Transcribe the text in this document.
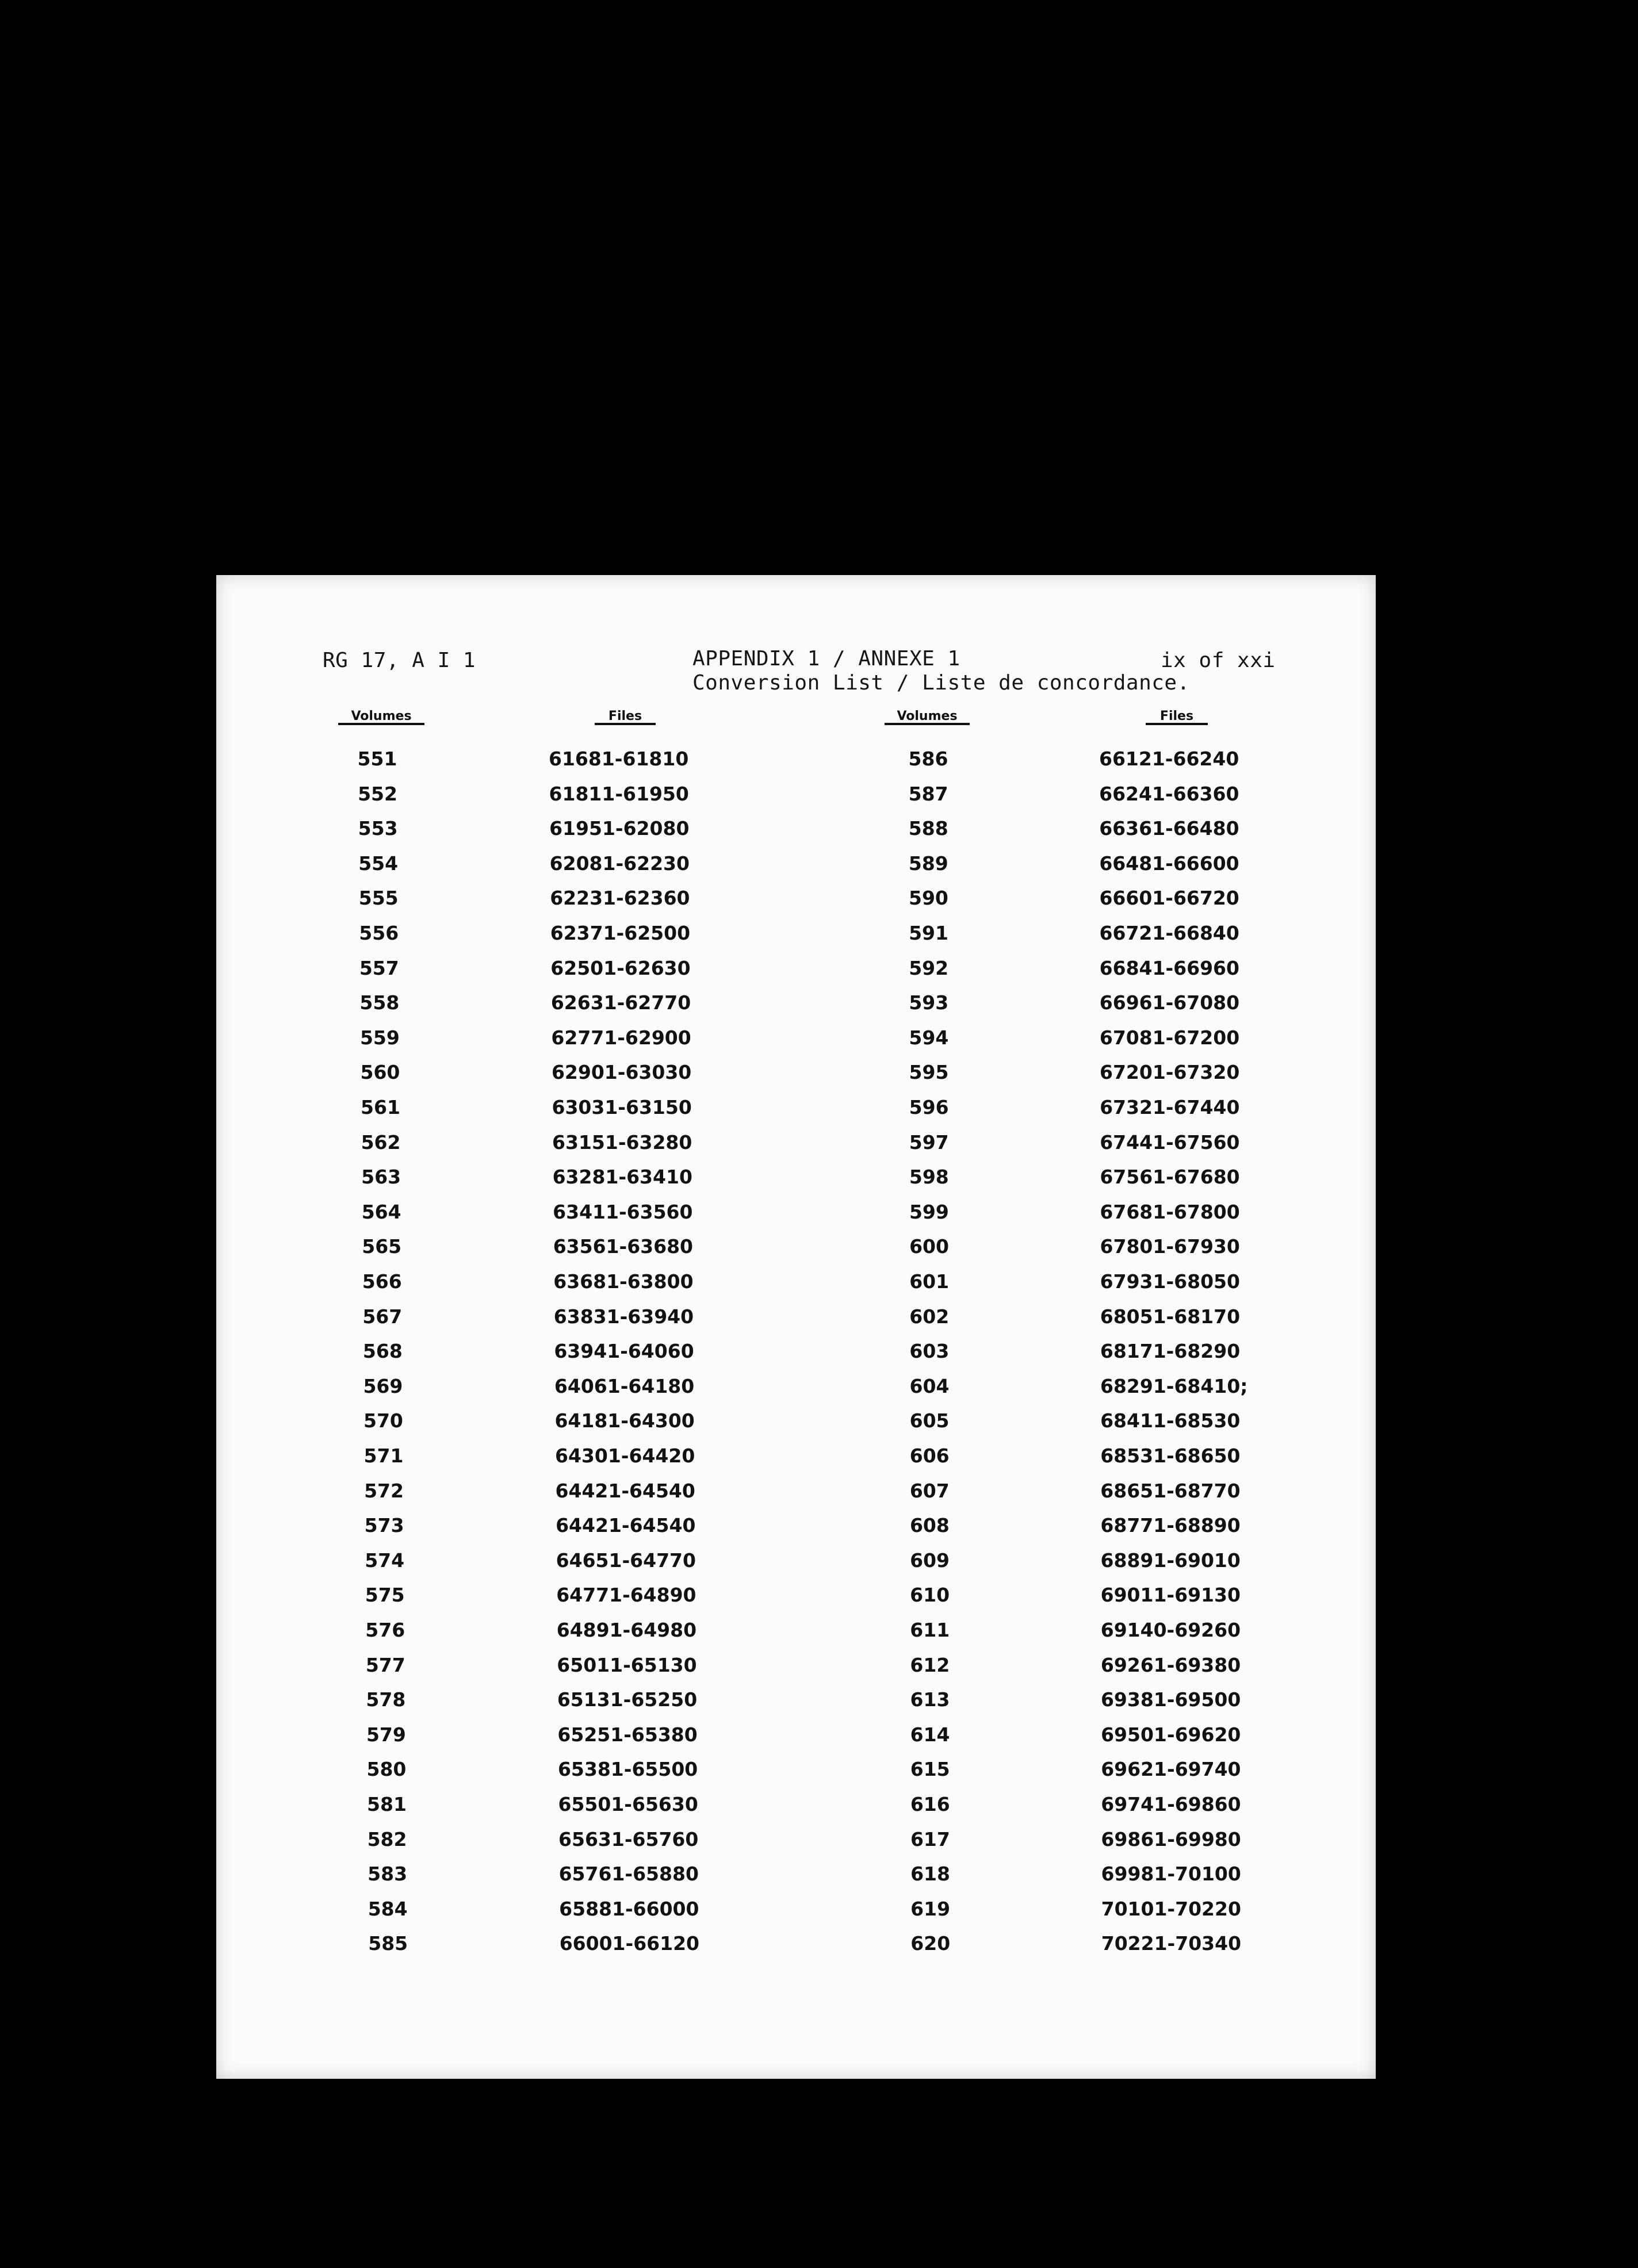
RG 17, A I 1	APPENDIX 1 / ANNEXE 1
Conversion List / Liste de concordance.
ix of xxi
Volumes	Files	Volumes	Files
551	61681-61810
552	61811-61950
553	61951-62080
554	62081-62230
555	62231-62360
556	62371-62500
557	62501-62630
558	62631-62770
559	62771-62900
560	62901-63030
561	63031-63150
562	63151-63280
563	63281-63410
564	63411-63560
565	63561-63680
566	63681-63800
567	63831-63940
568	63941-64060
569	64061-64180
570	64181-64300
571	64301-64420
572	64421-64540
573	64421-64540
574	64651-64770
575	64771-64890
576	64891-64980
577	65011-65130
578	65131-65250
579	65251-65380
580	65381-65500
581	65501-65630
582	65631-65760
583	65761-65880
584	65881-66000
585	66001-66120
586	66121-66240
587	66241-66360
588	66361-66480
589	66481-66600
590	66601-66720
591	66721-66840
592	66841-66960
593	66961-67080
594	67081-67200
595	67201-67320
596	67321-67440
597	67441-67560
598	67561-67680
599	67681-67800
600	67801-67930
601	67931-68050
602	68051-68170
603	68171-68290
604	68291-68410;
605	68411-68530
606	68531-68650
607	68651-68770
608	68771-68890
609	68891-69010
610	69011-69130
611	69140-69260
612	69261-69380
613	69381-69500
614	69501-69620
615	69621-69740
616	69741-69860
617	69861-69980
618	69981-70100
619	70101-70220
620	70221-70340
